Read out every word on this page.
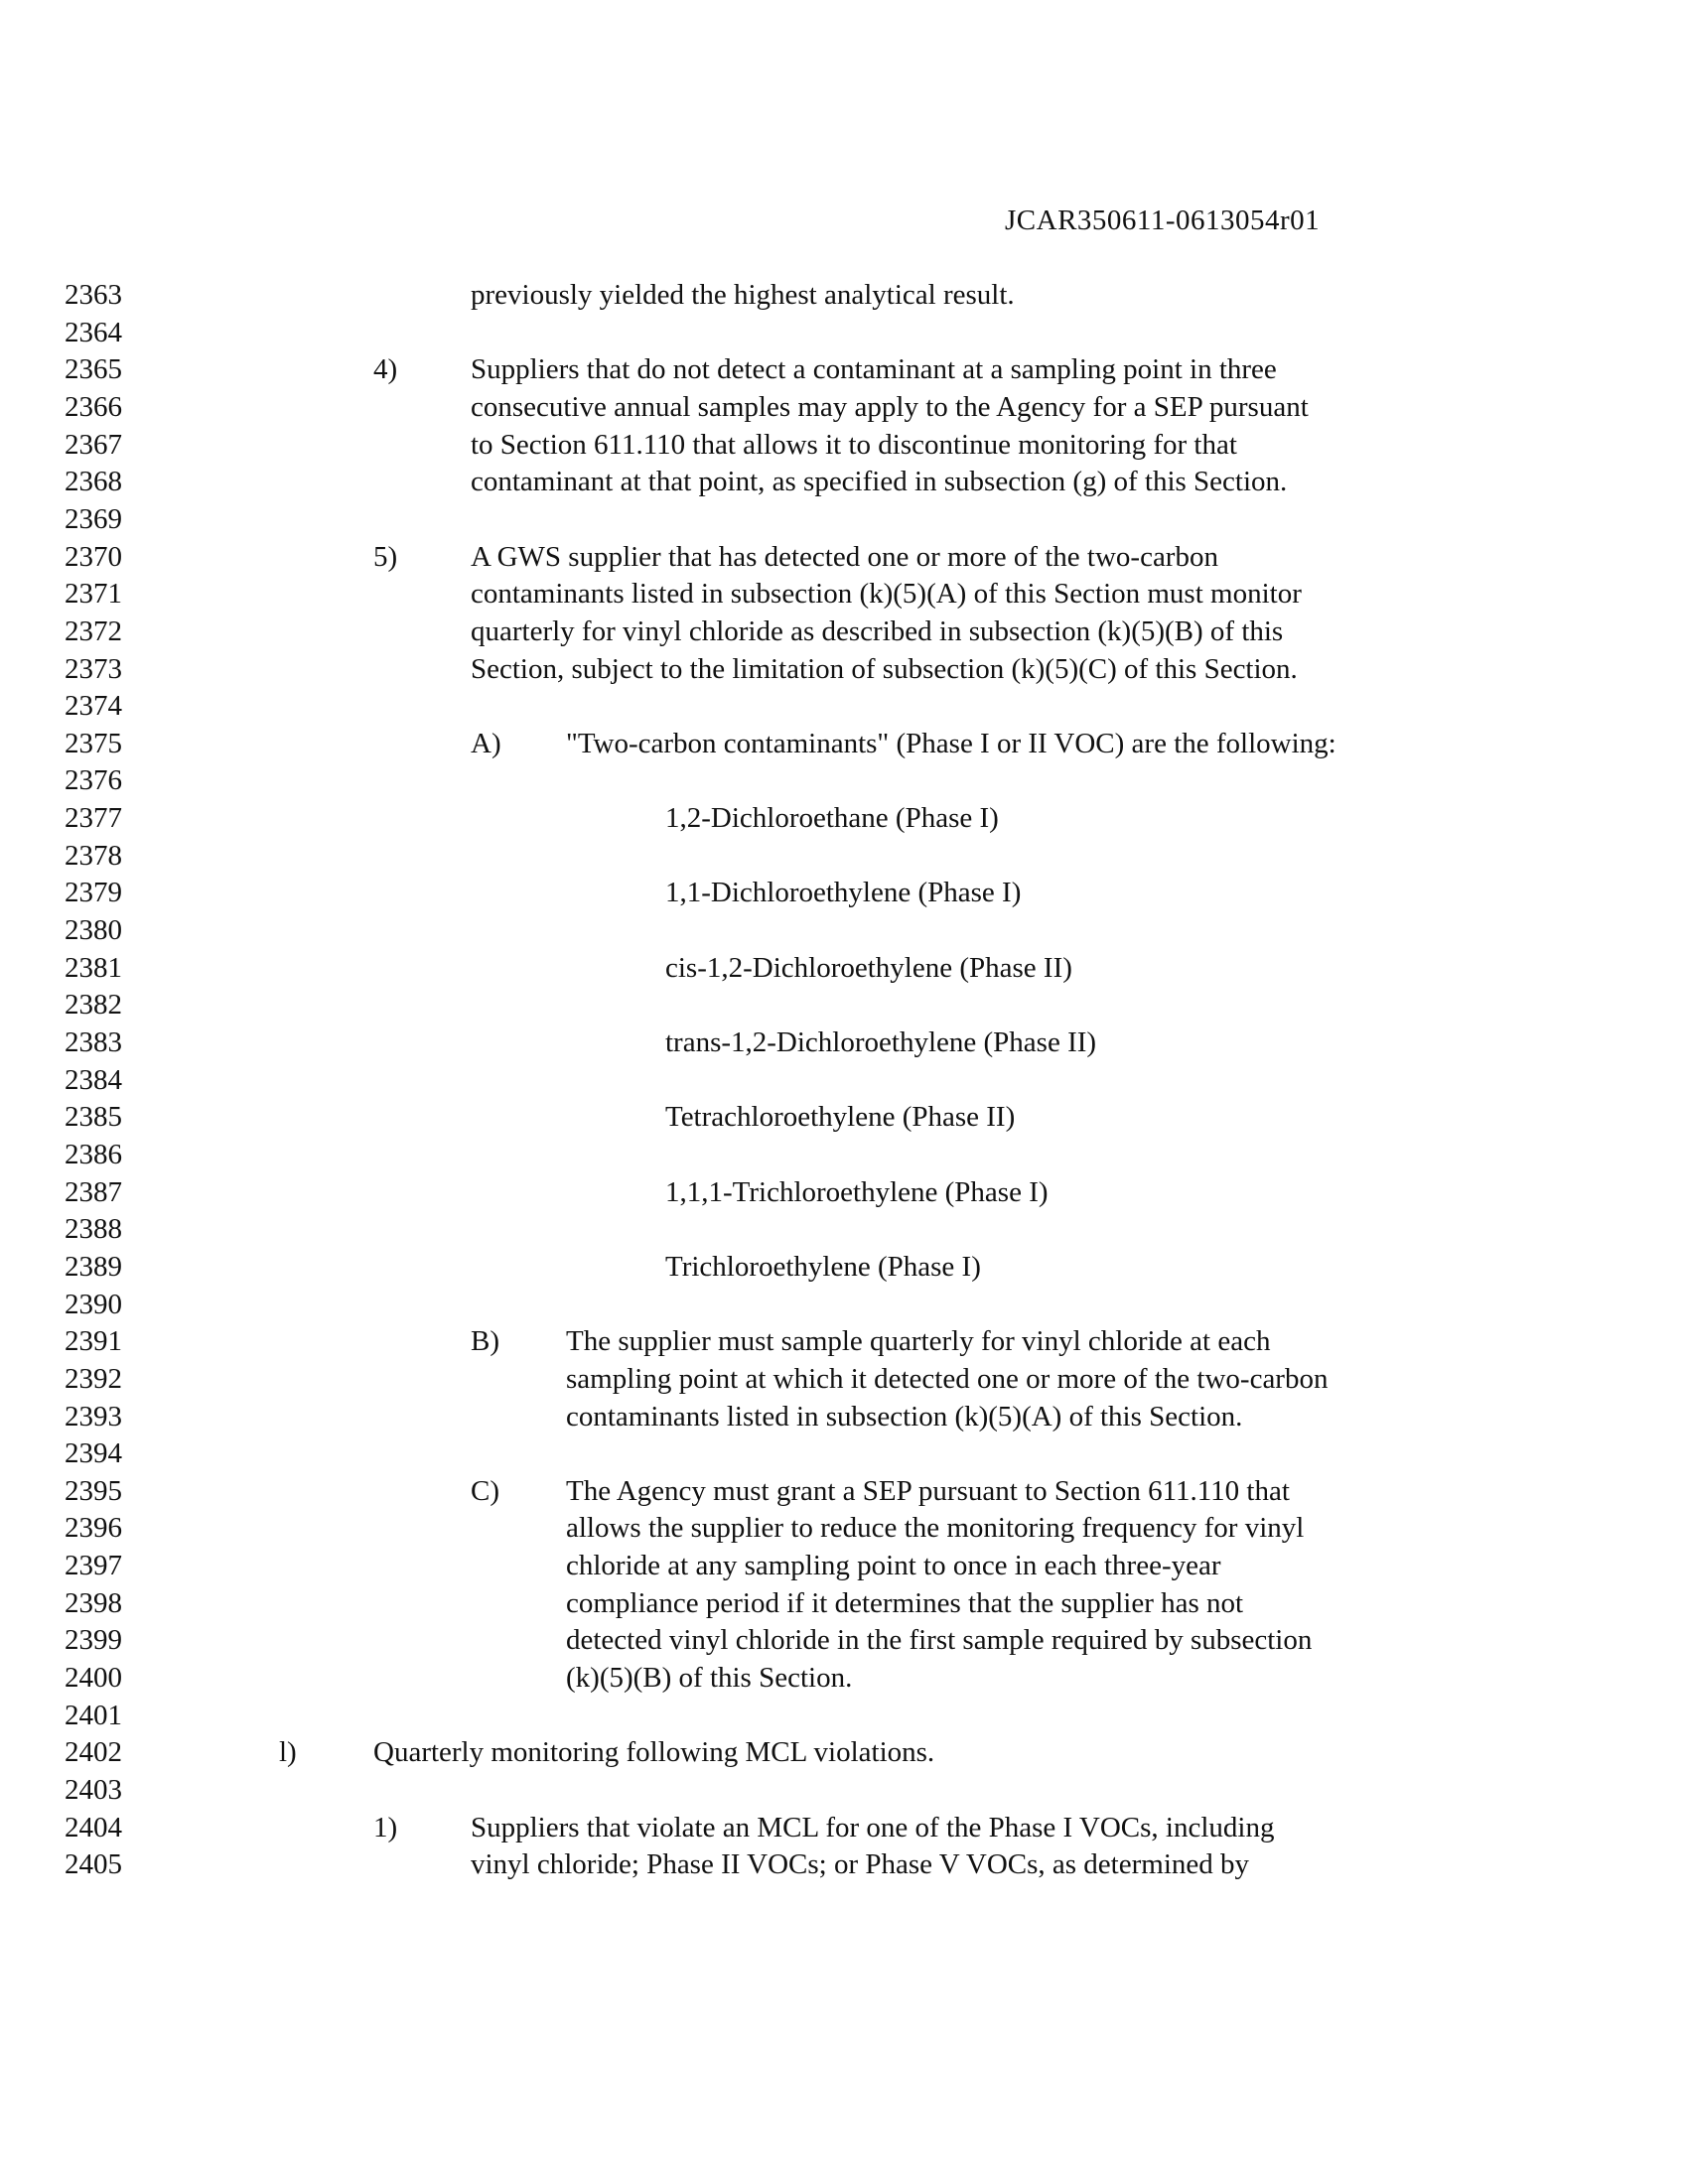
JCAR350611-0613054r01
2363	previously yielded the highest analytical result.
2364
2365	4)	Suppliers that do not detect a contaminant at a sampling point in three
2366	consecutive annual samples may apply to the Agency for a SEP pursuant
2367	to Section 611.110 that allows it to discontinue monitoring for that
2368	contaminant at that point, as specified in subsection (g) of this Section.
2369
2370	5)	A GWS supplier that has detected one or more of the two-carbon
2371	contaminants listed in subsection (k)(5)(A) of this Section must monitor
2372	quarterly for vinyl chloride as described in subsection (k)(5)(B) of this
2373	Section, subject to the limitation of subsection (k)(5)(C) of this Section.
2374
2375	A) "Two-carbon contaminants" (Phase I or II VOC) are the following:
2376
2377	1,2-Dichloroethane (Phase I)
2378
2379	1,1-Dichloroethylene (Phase I)
2380
2381	cis-1,2-Dichloroethylene (Phase II)
2382
2383	trans-1,2-Dichloroethylene (Phase II)
2384
2385	Tetrachloroethylene (Phase II)
2386
2387	1,1,1-Trichloroethylene (Phase I)
2388
2389	Trichloroethylene (Phase I)
2390
2391	B) The supplier must sample quarterly for vinyl chloride at each
2392	sampling point at which it detected one or more of the two-carbon
2393	contaminants listed in subsection (k)(5)(A) of this Section.
2394
2395	C) The Agency must grant a SEP pursuant to Section 611.110 that
2396	allows the supplier to reduce the monitoring frequency for vinyl
2397	chloride at any sampling point to once in each three-year
2398	compliance period if it determines that the supplier has not
2399	detected vinyl chloride in the first sample required by subsection
2400	(k)(5)(B) of this Section.
2401
2402	l)	Quarterly monitoring following MCL violations.
2403
2404	1)	Suppliers that violate an MCL for one of the Phase I VOCs, including
2405	vinyl chloride; Phase II VOCs; or Phase V VOCs, as determined by
